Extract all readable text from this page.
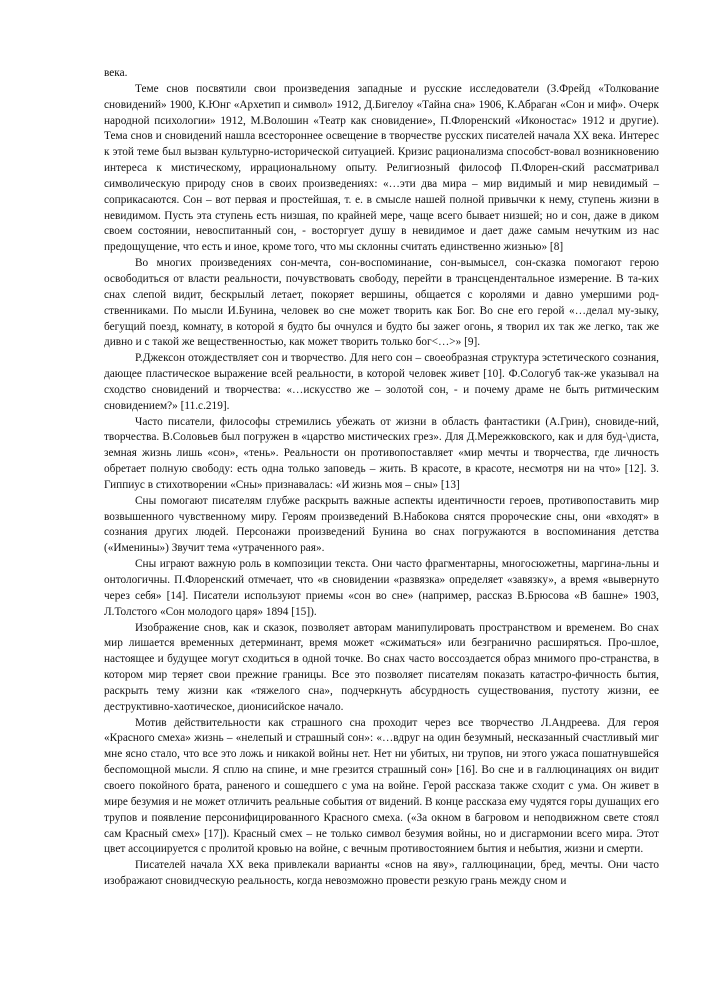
века.

Теме снов посвятили свои произведения западные и русские исследователи (З.Фрейд «Толкование сновидений» 1900, К.Юнг «Архетип и символ» 1912, Д.Бигелоу «Тайна сна» 1906, К.Абраган «Сон и миф». Очерк народной психологии» 1912, М.Волошин «Театр как сновидение», П.Флоренский «Иконостас» 1912 и другие). Тема снов и сновидений нашла всестороннее освещение в творчестве русских писателей начала XX века. Интерес к этой теме был вызван культурно-исторической ситуацией. Кризис рационализма способст-вовал возникновению интереса к мистическому, иррациональному опыту. Религиозный философ П.Флорен-ский рассматривал символическую природу снов в своих произведениях: «…эти два мира – мир видимый и мир невидимый – соприкасаются. Сон – вот первая и простейшая, т. е. в смысле нашей полной привычки к нему, ступень жизни в невидимом. Пусть эта ступень есть низшая, по крайней мере, чаще всего бывает низшей; но и сон, даже в диком своем состоянии, невоспитанный сон, - восторгует душу в невидимое и дает даже самым нечутким из нас предощущение, что есть и иное, кроме того, что мы склонны считать единственно жизнью» [8]

Во многих произведениях сон-мечта, сон-воспоминание, сон-вымысел, сон-сказка помогают герою освободиться от власти реальности, почувствовать свободу, перейти в трансцендентальное измерение. В та-ких снах слепой видит, бескрылый летает, покоряет вершины, общается с королями и давно умершими род-ственниками. По мысли И.Бунина, человек во сне может творить как Бог. Во сне его герой «…делал му-зыку, бегущий поезд, комнату, в которой я будто бы очнулся и будто бы зажег огонь, я творил их так же легко, так же дивно и с такой же вещественностью, как может творить только бог<…>» [9].

Р.Джексон отождествляет сон и творчество. Для него сон – своеобразная структура эстетического сознания, дающее пластическое выражение всей реальности, в которой человек живет [10]. Ф.Сологуб так-же указывал на сходство сновидений и творчества: «…искусство же – золотой сон, - и почему драме не быть ритмическим сновидением?» [11.с.219].

Часто писатели, философы стремились убежать от жизни в область фантастики (А.Грин), сновиде-ний, творчества. В.Соловьев был погружен в «царство мистических грез». Для Д.Мережковского, как и для буд-\диста, земная жизнь лишь «сон», «тень». Реальности он противопоставляет «мир мечты и творчества, где личность обретает полную свободу: есть одна только заповедь – жить. В красоте, в красоте, несмотря ни на что» [12]. З. Гиппиус в стихотворении «Сны» признавалась: «И жизнь моя – сны» [13]

Сны помогают писателям глубже раскрыть важные аспекты идентичности героев, противопоставить мир возвышенного чувственному миру. Героям произведений В.Набокова снятся пророческие сны, они «входят» в сознания других людей. Персонажи произведений Бунина во снах погружаются в воспоминания детства («Именины») Звучит тема «утраченного рая».

Сны играют важную роль в композиции текста. Они часто фрагментарны, многосюжетны, маргина-льны и онтологичны. П.Флоренский отмечает, что «в сновидении «развязка» определяет «завязку», а время «вывернуто через себя» [14]. Писатели используют приемы «сон во сне» (например, рассказ В.Брюсова «В башне» 1903, Л.Толстого «Сон молодого царя» 1894 [15]).

Изображение снов, как и сказок, позволяет авторам манипулировать пространством и временем. Во снах мир лишается временных детерминант, время может «сжиматься» или безгранично расширяться. Про-шлое, настоящее и будущее могут сходиться в одной точке. Во снах часто воссоздается образ мнимого про-странства, в котором мир теряет свои прежние границы. Все это позволяет писателям показать катастро-фичность бытия, раскрыть тему жизни как «тяжелого сна», подчеркнуть абсурдность существования, пустоту жизни, ее деструктивно-хаотическое, дионисийское начало.

Мотив действительности как страшного сна проходит через все творчество Л.Андреева. Для героя «Красного смеха» жизнь – «нелепый и страшный сон»: «…вдруг на один безумный, несказанный счастливый миг мне ясно стало, что все это ложь и никакой войны нет. Нет ни убитых, ни трупов, ни этого ужаса пошатнувшейся беспомощной мысли. Я сплю на спине, и мне грезится страшный сон» [16]. Во сне и в галлюцинациях он видит своего покойного брата, раненого и сошедшего с ума на войне. Герой рассказа также сходит с ума. Он живет в мире безумия и не может отличить реальные события от видений. В конце рассказа ему чудятся горы душащих его трупов и появление персонифицированного Красного смеха. («За окном в багровом и неподвижном свете стоял сам Красный смех» [17]). Красный смех – не только символ безумия войны, но и дисгармонии всего мира. Этот цвет ассоциируется с пролитой кровью на войне, с вечным противостоянием бытия и небытия, жизни и смерти.

Писателей начала XX века привлекали варианты «снов на яву», галлюцинации, бред, мечты. Они часто изображают сновидческую реальность, когда невозможно провести резкую грань между сном и
